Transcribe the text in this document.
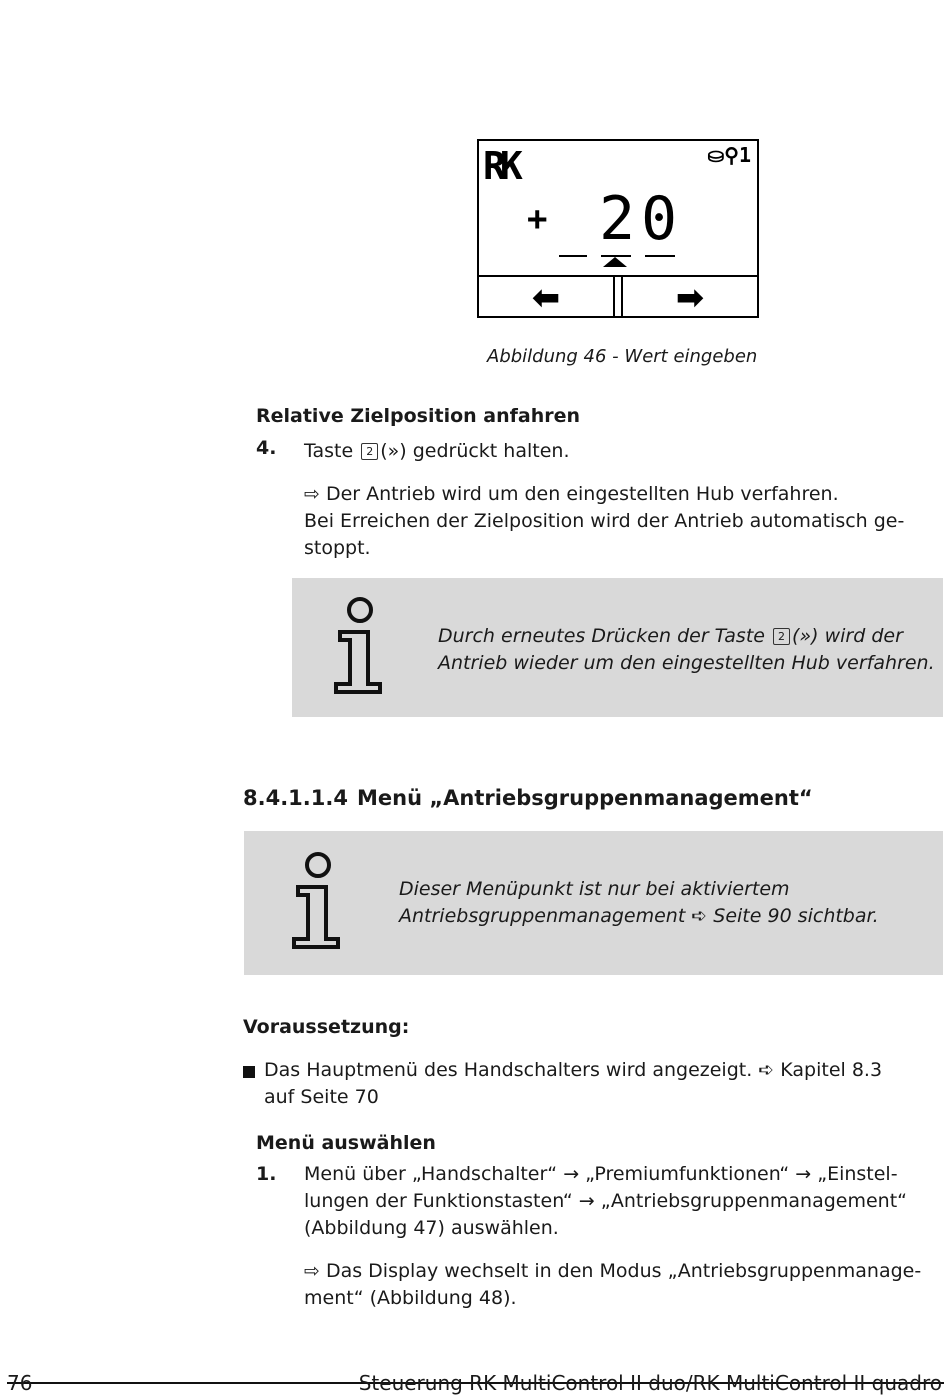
RK	⛀⚲1
+ 2 0
⬅	➡
Abbildung 46 - Wert eingeben
Relative Zielposition anfahren
4. Taste 2 (») gedrückt halten.
⇨ Der Antrieb wird um den eingestellten Hub verfahren.
Bei Erreichen der Zielposition wird der Antrieb automatisch ge-
stoppt.
Durch erneutes Drücken der Taste 2 (») wird der
Antrieb wieder um den eingestellten Hub verfahren.
8.4.1.1.4 Menü „Antriebsgruppenmanagement“
Dieser Menüpunkt ist nur bei aktiviertem
Antriebsgruppenmanagement ➪ Seite 90 sichtbar.
Voraussetzung:
Das Hauptmenü des Handschalters wird angezeigt. ➪ Kapitel 8.3
auf Seite 70
Menü auswählen
1. Menü über „Handschalter“ → „Premiumfunktionen“ → „Einstel-
lungen der Funktionstasten“ → „Antriebsgruppenmanagement“
(Abbildung 47) auswählen.
⇨ Das Display wechselt in den Modus „Antriebsgruppenmanage-
ment“ (Abbildung 48).
76	Steuerung RK MultiControl II duo/RK MultiControl II quadro
